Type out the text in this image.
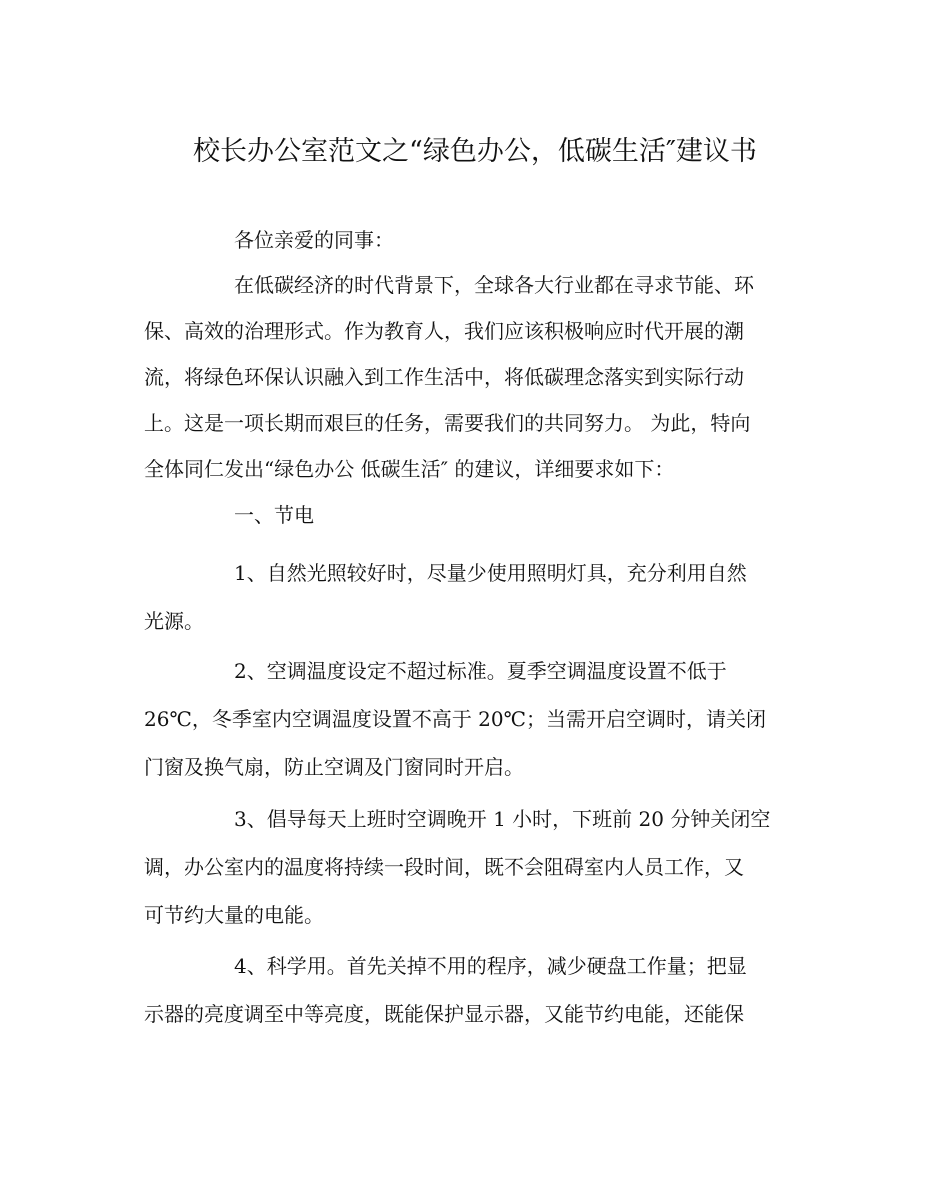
校长办公室范文之“绿色办公，低碳生活″建议书
各位亲爱的同事：
在低碳经济的时代背景下，全球各大行业都在寻求节能、环
保、高效的治理形式。作为教育人，我们应该积极响应时代开展的潮
流，将绿色环保认识融入到工作生活中，将低碳理念落实到实际行动
上。这是一项长期而艰巨的任务，需要我们的共同努力。 为此，特向
全体同仁发出“绿色办公 低碳生活″ 的建议，详细要求如下：
一、节电
1、自然光照较好时，尽量少使用照明灯具，充分利用自然
光源。
2、空调温度设定不超过标准。夏季空调温度设置不低于
26℃，冬季室内空调温度设置不高于 20℃；当需开启空调时，请关闭
门窗及换气扇，防止空调及门窗同时开启。
3、倡导每天上班时空调晚开 1 小时，下班前 20 分钟关闭空
调，办公室内的温度将持续一段时间，既不会阻碍室内人员工作，又
可节约大量的电能。
4、科学用。首先关掉不用的程序，减少硬盘工作量；把显
示器的亮度调至中等亮度，既能保护显示器，又能节约电能，还能保
